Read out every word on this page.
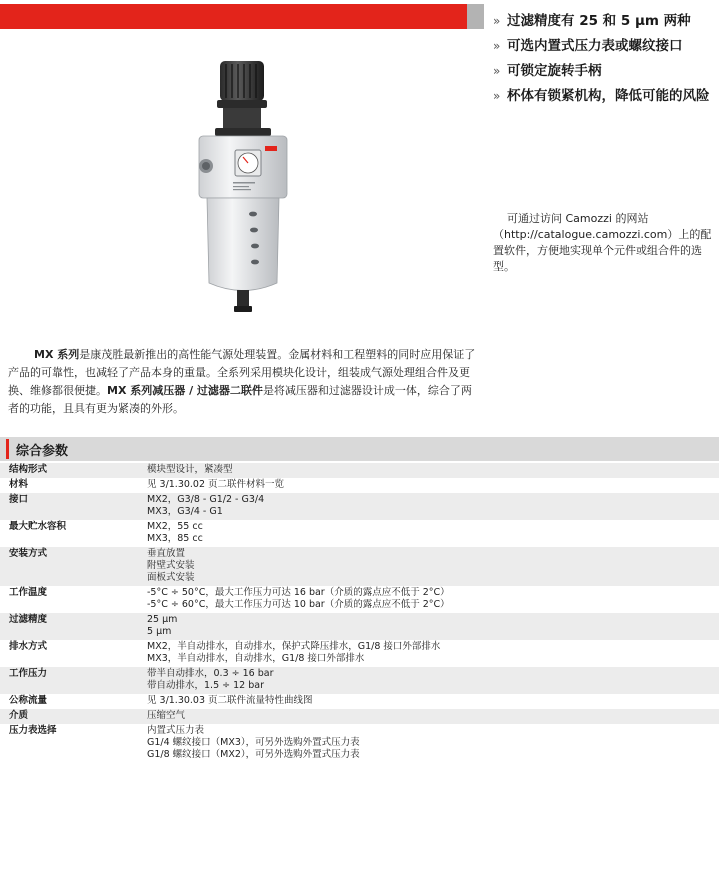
» 过滤精度有 25 和 5 μm 两种
» 可选内置式压力表或螺纹接口
» 可锁定旋转手柄
» 杯体有锁紧机构，降低可能的风险
可通过访问 Camozzi 的网站（http://catalogue.camozzi.com）上的配置软件，方便地实现单个元件或组合件的选型。
MX 系列是康茂胜最新推出的高性能气源处理装置。金属材料和工程塑料的同时应用保证了产品的可靠性，也减轻了产品本身的重量。全系列采用模块化设计，组装成气源处理组合件及更换、维修都很便捷。MX 系列减压器 / 过滤器二联件是将减压器和过滤器设计成一体，综合了两者的功能，且具有更为紧凑的外形。
综合参数
结构形式	模块型设计，紧凑型
材料	见 3/1.30.02 页二联件材料一览
接口	MX2，G3/8 - G1/2 - G3/4
MX3，G3/4 - G1
最大贮水容积	MX2，55 cc
MX3，85 cc
安装方式	垂直放置
附壁式安装
面板式安装
工作温度	-5°C ÷ 50°C，最大工作压力可达 16 bar（介质的露点应不低于 2°C）
-5°C ÷ 60°C，最大工作压力可达 10 bar（介质的露点应不低于 2°C）
过滤精度	25 μm
5 μm
排水方式	MX2，半自动排水，自动排水，保护式降压排水，G1/8 接口外部排水
MX3，半自动排水，自动排水，G1/8 接口外部排水
工作压力	带半自动排水，0.3 ÷ 16 bar
带自动排水，1.5 ÷ 12 bar
公称流量	见 3/1.30.03 页二联件流量特性曲线图
介质	压缩空气
压力表选择	内置式压力表
G1/4 螺纹接口（MX3），可另外选购外置式压力表
G1/8 螺纹接口（MX2），可另外选购外置式压力表
